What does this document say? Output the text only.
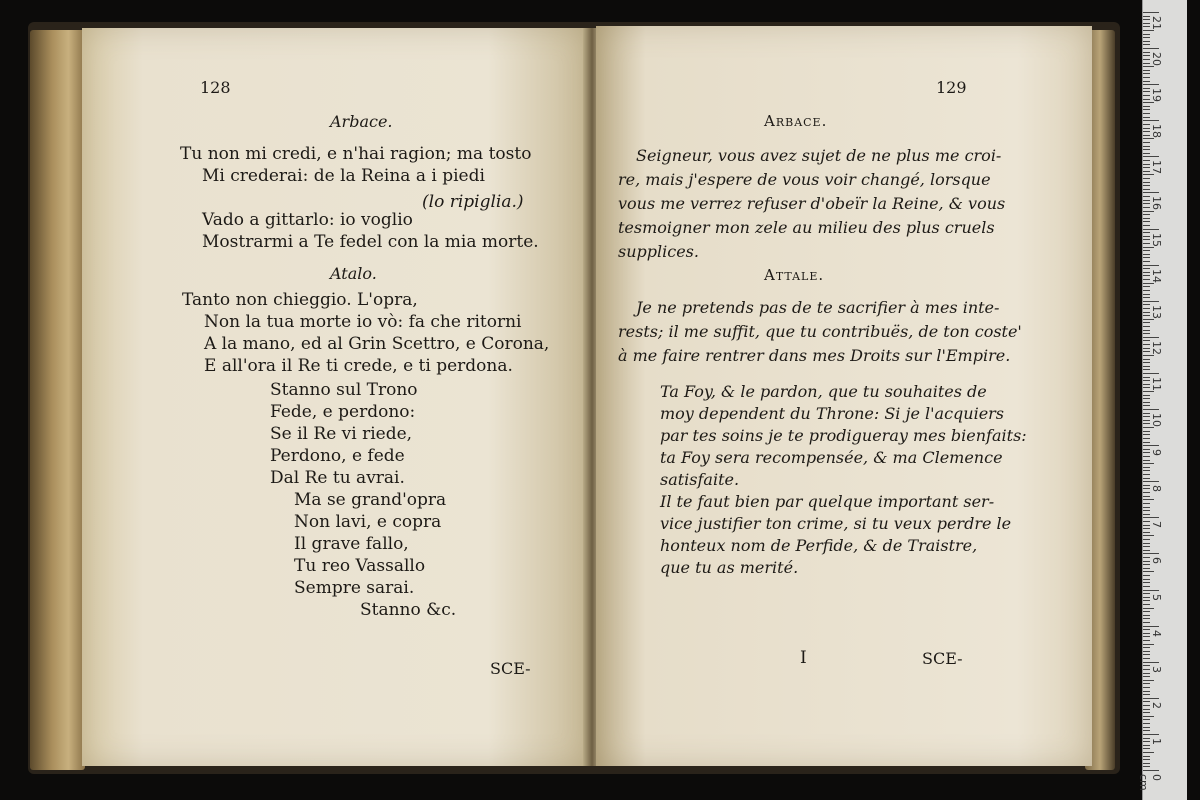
128
Arbace.
Tu non mi credi, e n'hai ragion; ma tosto
Mi crederai: de la Reina a i piedi
(lo ripiglia.)
Vado a gittarlo: io voglio
Mostrarmi a Te fedel con la mia morte.
Atalo.
Tanto non chieggio. L'opra,
Non la tua morte io vò: fa che ritorni
A la mano, ed al Grin Scettro, e Corona,
E all'ora il Re ti crede, e ti perdona.
Stanno sul Trono
Fede, e perdono:
Se il Re vi riede,
Perdono, e fede
Dal Re tu avrai.
Ma se grand'opra
Non lavi, e copra
Il grave fallo,
Tu reo Vassallo
Sempre sarai.
Stanno &c.
SCE-
129
Arbace.
Seigneur, vous avez sujet de ne plus me croi-
re, mais j'espere de vous voir changé, lorsque
vous me verrez refuser d'obeïr la Reine, & vous
tesmoigner mon zele au milieu des plus cruels
supplices.
Attale.
Je ne pretends pas de te sacrifier à mes inte-
rests; il me suffit, que tu contribuës, de ton coste'
à me faire rentrer dans mes Droits sur l'Empire.
Ta Foy, & le pardon, que tu souhaites de
moy dependent du Throne: Si je l'acquiers
par tes soins je te prodigueray mes bienfaits:
ta Foy sera recompensée, & ma Clemence
satisfaite.
Il te faut bien par quelque important ser-
vice justifier ton crime, si tu veux perdre le
honteux nom de Perfide, & de Traistre,
que tu as merité.
I	SCE-
21
20
19
18
17
16
15
14
13
12
11
10
9
8
7
6
5
4
3
2
1
0 cm
